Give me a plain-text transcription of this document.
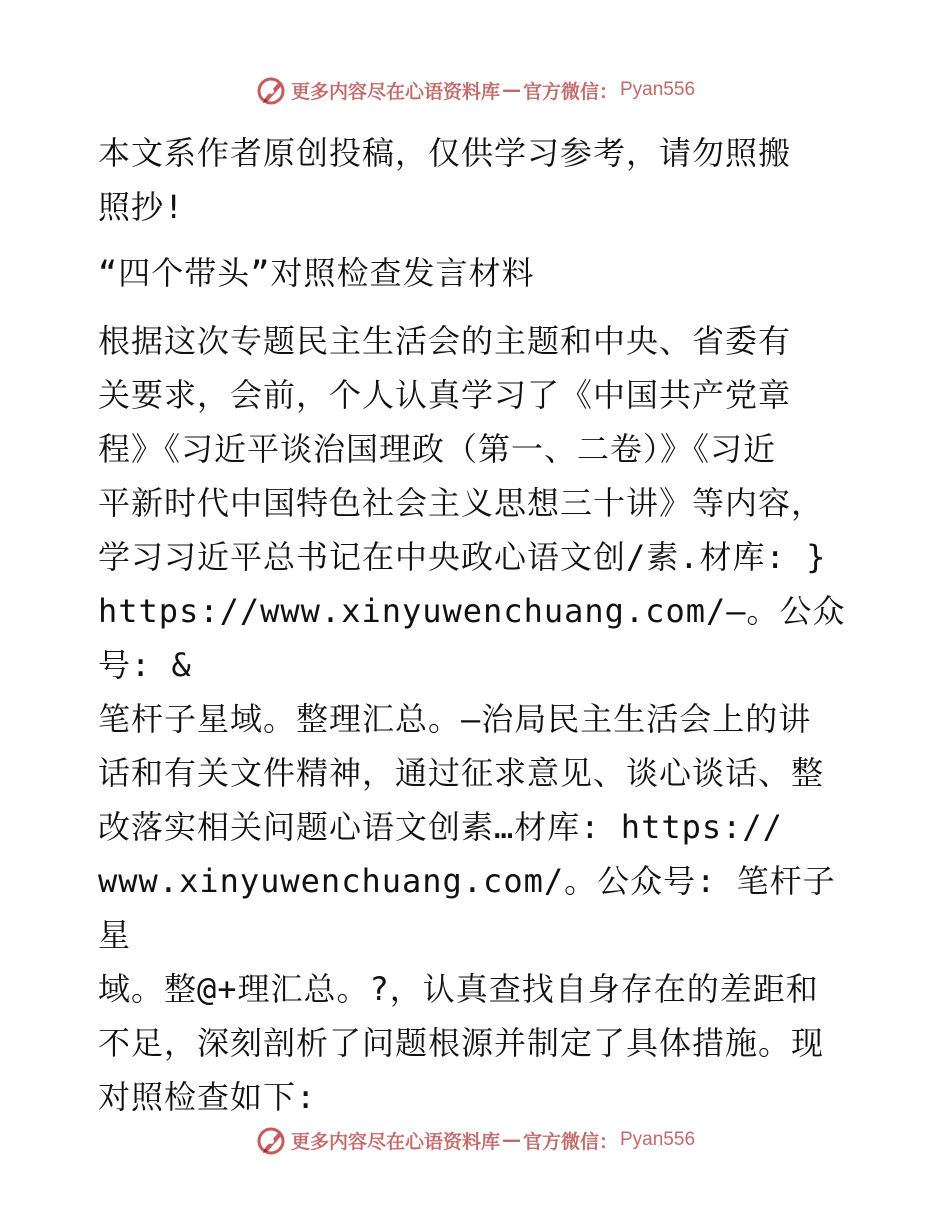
更多内容尽在心语资料库 — 官方微信： Pyan556

本文系作者原创投稿，仅供学习参考，请勿照搬
照抄!

“四个带头”对照检查发言材料

根据这次专题民主生活会的主题和中央、省委有
关要求，会前，个人认真学习了《中国共产党章
程》《习近平谈治国理政（第一、二卷）》《习近
平新时代中国特色社会主义思想三十讲》等内容，
学习习近平总书记在中央政心语文创/素.材库: }
https://www.xinyuwenchuang.com/—。公众号: &
笔杆子星域。整理汇总。—治局民主生活会上的讲
话和有关文件精神，通过征求意见、谈心谈话、整
改落实相关问题心语文创素…材库: https://
www.xinyuwenchuang.com/。公众号: 笔杆子星
域。整@+理汇总。?，认真查找自身存在的差距和
不足，深刻剖析了问题根源并制定了具体措施。现
对照检查如下:

更多内容尽在心语资料库 — 官方微信： Pyan556
